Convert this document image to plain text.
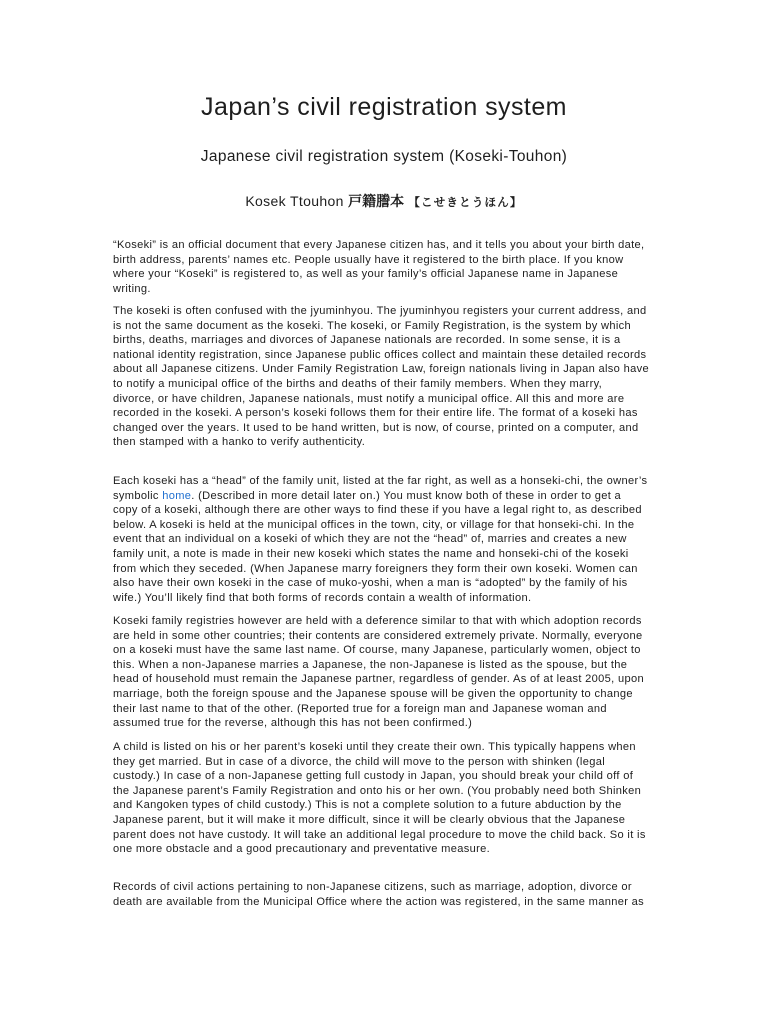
Japan’s civil registration system
Japanese civil registration system (Koseki-Touhon)

Kosek Ttouhon 戸籍謄本 【こせきとうほん】

“Koseki” is an official document that every Japanese citizen has, and it tells you about your birth date,
birth address, parents’ names etc. People usually have it registered to the birth place. If you know
where your “Koseki” is registered to, as well as your family’s official Japanese name in Japanese
writing.

The koseki is often confused with the jyuminhyou. The jyuminhyou registers your current address, and
is not the same document as the koseki. The koseki, or Family Registration, is the system by which
births, deaths, marriages and divorces of Japanese nationals are recorded. In some sense, it is a
national identity registration, since Japanese public offices collect and maintain these detailed records
about all Japanese citizens. Under Family Registration Law, foreign nationals living in Japan also have
to notify a municipal office of the births and deaths of their family members. When they marry,
divorce, or have children, Japanese nationals, must notify a municipal office. All this and more are
recorded in the koseki. A person’s koseki follows them for their entire life. The format of a koseki has
changed over the years. It used to be hand written, but is now, of course, printed on a computer, and
then stamped with a hanko to verify authenticity.

Each koseki has a “head” of the family unit, listed at the far right, as well as a honseki-chi, the owner’s
symbolic home. (Described in more detail later on.) You must know both of these in order to get a
copy of a koseki, although there are other ways to find these if you have a legal right to, as described
below. A koseki is held at the municipal offices in the town, city, or village for that honseki-chi. In the
event that an individual on a koseki of which they are not the “head” of, marries and creates a new
family unit, a note is made in their new koseki which states the name and honseki-chi of the koseki
from which they seceded. (When Japanese marry foreigners they form their own koseki. Women can
also have their own koseki in the case of muko-yoshi, when a man is “adopted” by the family of his
wife.) You’ll likely find that both forms of records contain a wealth of information.

Koseki family registries however are held with a deference similar to that with which adoption records
are held in some other countries; their contents are considered extremely private. Normally, everyone
on a koseki must have the same last name. Of course, many Japanese, particularly women, object to
this. When a non-Japanese marries a Japanese, the non-Japanese is listed as the spouse, but the
head of household must remain the Japanese partner, regardless of gender. As of at least 2005, upon
marriage, both the foreign spouse and the Japanese spouse will be given the opportunity to change
their last name to that of the other. (Reported true for a foreign man and Japanese woman and
assumed true for the reverse, although this has not been confirmed.)

A child is listed on his or her parent’s koseki until they create their own. This typically happens when
they get married. But in case of a divorce, the child will move to the person with shinken (legal
custody.) In case of a non-Japanese getting full custody in Japan, you should break your child off of
the Japanese parent’s Family Registration and onto his or her own. (You probably need both Shinken
and Kangoken types of child custody.) This is not a complete solution to a future abduction by the
Japanese parent, but it will make it more difficult, since it will be clearly obvious that the Japanese
parent does not have custody. It will take an additional legal procedure to move the child back. So it is
one more obstacle and a good precautionary and preventative measure.

Records of civil actions pertaining to non-Japanese citizens, such as marriage, adoption, divorce or
death are available from the Municipal Office where the action was registered, in the same manner as
